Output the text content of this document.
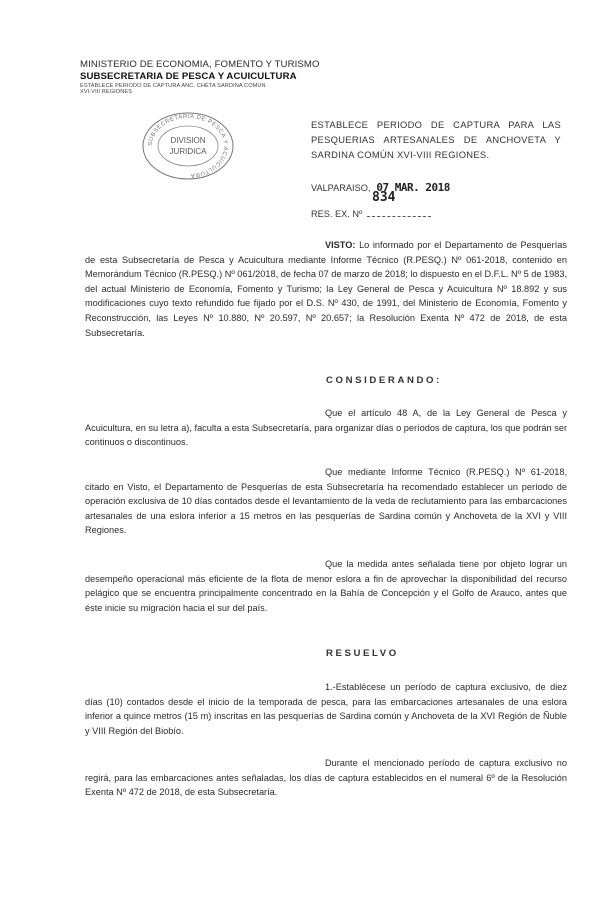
MINISTERIO DE ECONOMIA, FOMENTO Y TURISMO
SUBSECRETARIA DE PESCA Y ACUICULTURA
ESTABLECE PERIODO DE CAPTURA ANC. CHETA SARDINA COMUN
XVI-VIII REGIONES
SUBSECRETARIA DE PESCA Y ACUICULTURA
DIVISION
JURIDICA
ESTABLECE PERIODO DE CAPTURA PARA LAS PESQUERIAS ARTESANALES DE ANCHOVETA Y SARDINA COMÚN XVI-VIII REGIONES.
VALPARAISO, 07 MAR. 2018
834
RES. EX. Nº
VISTO: Lo informado por el Departamento de Pesquerías de esta Subsecretaría de Pesca y Acuicultura mediante Informe Técnico (R.PESQ.) Nº 061-2018, contenido en Memorándum Técnico (R.PESQ.) Nº 061/2018, de fecha 07 de marzo de 2018; lo dispuesto en el D.F.L. Nº 5 de 1983, del actual Ministerio de Economía, Fomento y Turismo; la Ley General de Pesca y Acuicultura Nº 18.892 y sus modificaciones cuyo texto refundido fue fijado por el D.S. Nº 430, de 1991, del Ministerio de Economía, Fomento y Reconstrucción, las Leyes Nº 10.880, Nº 20.597, Nº 20.657; la Resolución Exenta Nº 472 de 2018, de esta Subsecretaría.
CONSIDERANDO:
Que el artículo 48 A, de la Ley General de Pesca y Acuicultura, en su letra a), faculta a esta Subsecretaría, para organizar días o períodos de captura, los que podrán ser continuos o discontinuos.
Que mediante Informe Técnico (R.PESQ.) Nº 61-2018, citado en Visto, el Departamento de Pesquerías de esta Subsecretaría ha recomendado establecer un período de operación exclusiva de 10 días contados desde el levantamiento de la veda de reclutamiento para las embarcaciones artesanales de una eslora inferior a 15 metros en las pesquerías de Sardina común y Anchoveta de la XVI y VIII Regiones.
Que la medida antes señalada tiene por objeto lograr un desempeño operacional más eficiente de la flota de menor eslora a fin de aprovechar la disponibilidad del recurso pelágico que se encuentra principalmente concentrado en la Bahía de Concepción y el Golfo de Arauco, antes que éste inicie su migración hacia el sur del país.
RESUELVO
1.-Establécese un período de captura exclusivo, de diez días (10) contados desde el inicio de la temporada de pesca, para las embarcaciones artesanales de una eslora inferior a quince metros (15 m) inscritas en las pesquerías de Sardina común y Anchoveta de la XVI Región de Ñuble y VIII Región del Biobío.
Durante el mencionado período de captura exclusivo no regirá, para las embarcaciones antes señaladas, los días de captura establecidos en el numeral 6º de la Resolución Exenta Nº 472 de 2018, de esta Subsecretaría.
